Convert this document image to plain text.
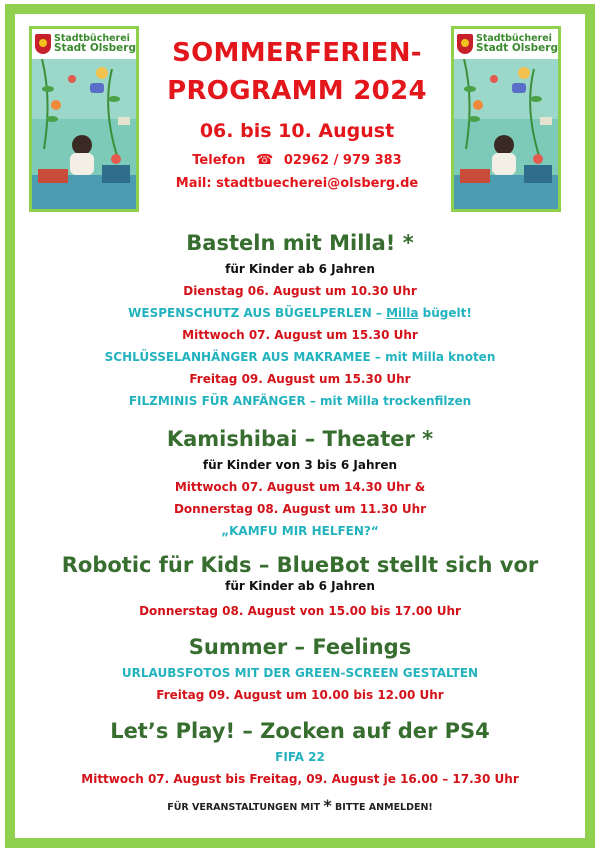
Stadtbücherei
Stadt Olsberg	SOMMERFERIEN-
PROGRAMM 2024
06. bis 10. August
Telefon ☎ 02962 / 979 383
Mail: stadtbuecherei@olsberg.de
Stadtbücherei
Stadt Olsberg
Basteln mit Milla! *
für Kinder ab 6 Jahren
Dienstag 06. August um 10.30 Uhr
WESPENSCHUTZ AUS BÜGELPERLEN – Milla bügelt!
Mittwoch 07. August um 15.30 Uhr
SCHLÜSSELANHÄNGER AUS MAKRAMEE – mit Milla knoten
Freitag 09. August um 15.30 Uhr
FILZMINIS FÜR ANFÄNGER – mit Milla trockenfilzen
Kamishibai – Theater *
für Kinder von 3 bis 6 Jahren
Mittwoch 07. August um 14.30 Uhr &
Donnerstag 08. August um 11.30 Uhr
„KAMFU MIR HELFEN?“
Robotic für Kids – BlueBot stellt sich vor
für Kinder ab 6 Jahren
Donnerstag 08. August von 15.00 bis 17.00 Uhr
Summer – Feelings
URLAUBSFOTOS MIT DER GREEN-SCREEN GESTALTEN
Freitag 09. August um 10.00 bis 12.00 Uhr
Let’s Play! – Zocken auf der PS4
FIFA 22
Mittwoch 07. August bis Freitag, 09. August je 16.00 – 17.30 Uhr
FÜR VERANSTALTUNGEN MIT * BITTE ANMELDEN!
